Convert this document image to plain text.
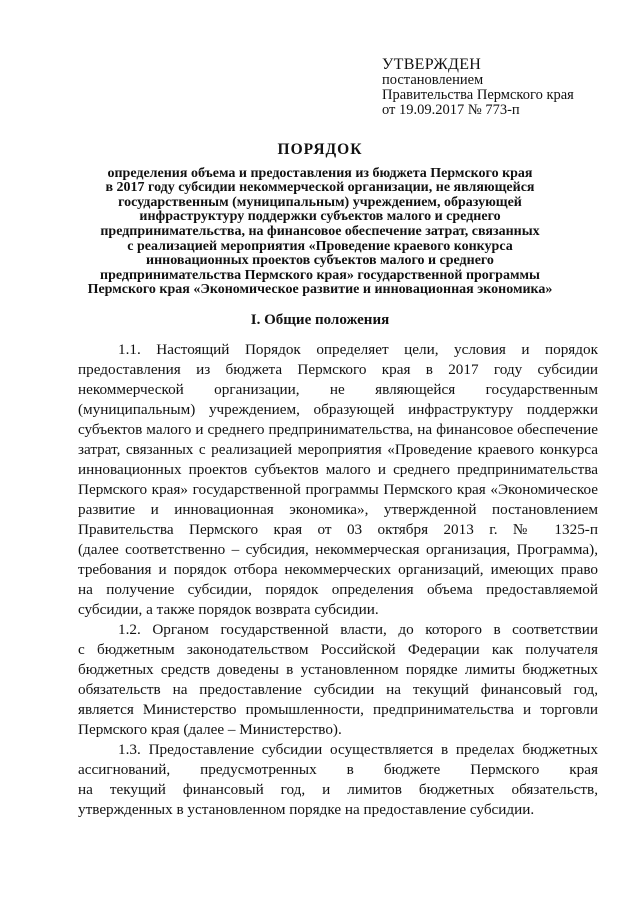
УТВЕРЖДЕН
постановлением
Правительства Пермского края
от 19.09.2017 № 773-п
ПОРЯДОК
определения объема и предоставления из бюджета Пермского края
в 2017 году субсидии некоммерческой организации, не являющейся
государственным (муниципальным) учреждением, образующей
инфраструктуру поддержки субъектов малого и среднего
предпринимательства, на финансовое обеспечение затрат, связанных
с реализацией мероприятия «Проведение краевого конкурса
инновационных проектов субъектов малого и среднего
предпринимательства Пермского края» государственной программы
Пермского края «Экономическое развитие и инновационная экономика»
I. Общие положения
1.1. Настоящий Порядок определяет цели, условия и порядок
предоставления из бюджета Пермского края в 2017 году субсидии
некоммерческой организации, не являющейся государственным
(муниципальным) учреждением, образующей инфраструктуру поддержки
субъектов малого и среднего предпринимательства, на финансовое обеспечение
затрат, связанных с реализацией мероприятия «Проведение краевого конкурса
инновационных проектов субъектов малого и среднего предпринимательства
Пермского края» государственной программы Пермского края «Экономическое
развитие и инновационная экономика», утвержденной постановлением
Правительства Пермского края от 03 октября 2013 г. № 1325-п
(далее соответственно – субсидия, некоммерческая организация, Программа),
требования и порядок отбора некоммерческих организаций, имеющих право
на получение субсидии, порядок определения объема предоставляемой
субсидии, а также порядок возврата субсидии.
1.2. Органом государственной власти, до которого в соответствии
с бюджетным законодательством Российской Федерации как получателя
бюджетных средств доведены в установленном порядке лимиты бюджетных
обязательств на предоставление субсидии на текущий финансовый год,
является Министерство промышленности, предпринимательства и торговли
Пермского края (далее – Министерство).
1.3. Предоставление субсидии осуществляется в пределах бюджетных
ассигнований, предусмотренных в бюджете Пермского края
на текущий финансовый год, и лимитов бюджетных обязательств,
утвержденных в установленном порядке на предоставление субсидии.
